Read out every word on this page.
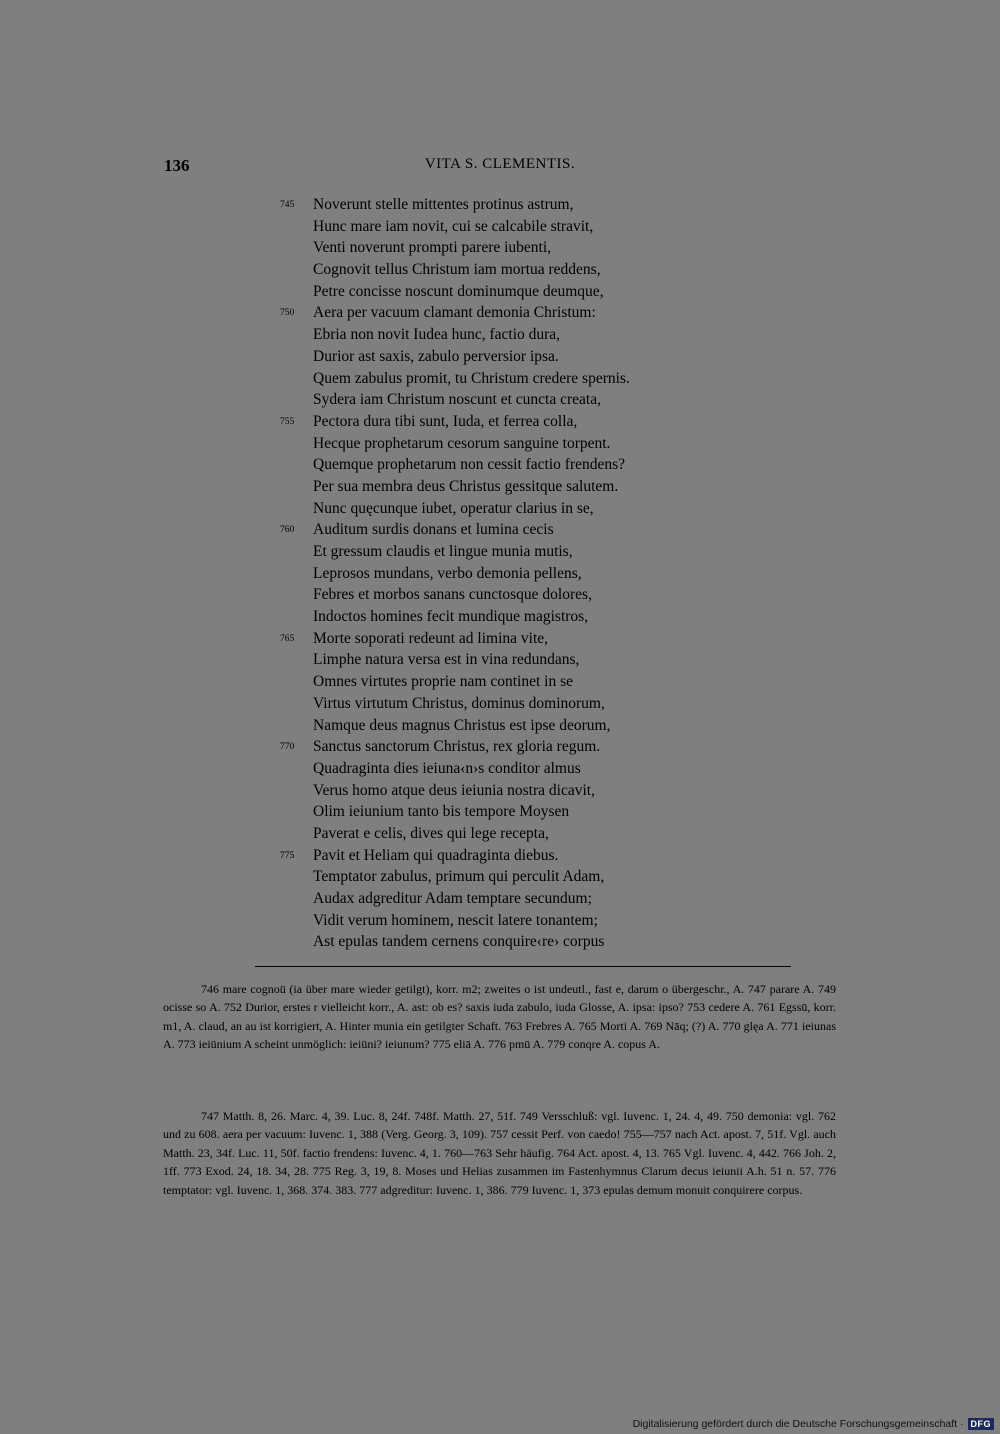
136	VITA S. CLEMENTIS.
745	Noverunt stelle mittentes protinus astrum,
Hunc mare iam novit, cui se calcabile stravit,
Venti noverunt prompti parere iubenti,
Cognovit tellus Christum iam mortua reddens,
Petre concisse noscunt dominumque deumque,
750	Aera per vacuum clamant demonia Christum:
Ebria non novit Iudea hunc, factio dura,
Durior ast saxis, zabulo perversior ipsa.
Quem zabulus promit, tu Christum credere spernis.
Sydera iam Christum noscunt et cuncta creata,
755	Pectora dura tibi sunt, Iuda, et ferrea colla,
Hecque prophetarum cesorum sanguine torpent.
Quemque prophetarum non cessit factio frendens?
Per sua membra deus Christus gessitque salutem.
Nunc quęcunque iubet, operatur clarius in se,
760	Auditum surdis donans et lumina cecis
Et gressum claudis et lingue munia mutis,
Leprosos mundans, verbo demonia pellens,
Febres et morbos sanans cunctosque dolores,
Indoctos homines fecit mundique magistros,
765	Morte soporati redeunt ad limina vite,
Limphe natura versa est in vina redundans,
Omnes virtutes proprie nam continet in se
Virtus virtutum Christus, dominus dominorum,
Namque deus magnus Christus est ipse deorum,
770	Sanctus sanctorum Christus, rex gloria regum.
Quadraginta dies ieiuna‹n›s conditor almus
Verus homo atque deus ieiunia nostra dicavit,
Olim ieiunium tanto bis tempore Moysen
Paverat e celis, dives qui lege recepta,
775	Pavit et Heliam qui quadraginta diebus.
Temptator zabulus, primum qui perculit Adam,
Audax adgreditur Adam temptare secundum;
Vidit verum hominem, nescit latere tonantem;
Ast epulas tandem cernens conquire‹re› corpus

746 mare cognoū (ia über mare wieder getilgt), korr. m2; zweites o ist undeutl., fast e, darum o übergeschr., A. 747 parare A. 749 ocisse so A. 752 Durior, erstes r vielleicht korr., A. ast: ob es? saxis iuda zabulo, iuda Glosse, A. ipsa: ipso? 753 cedere A. 761 Egssū, korr. m1, A. claud, an au ist korrigiert, A. Hinter munia ein getilgter Schaft. 763 Frebres A. 765 Morti A. 769 Nāq; (?) A. 770 glęa A. 771 ieiunas A. 773 ieiūnium A scheint unmöglich: ieiūni? ieiunum? 775 eliā A. 776 pmū A. 779 conqre A. copus A.

747 Matth. 8, 26. Marc. 4, 39. Luc. 8, 24f. 748f. Matth. 27, 51f. 749 Versschluß: vgl. Iuvenc. 1, 24. 4, 49. 750 demonia: vgl. 762 und zu 608. aera per vacuum: Iuvenc. 1, 388 (Verg. Georg. 3, 109). 757 cessit Perf. von caedo! 755—757 nach Act. apost. 7, 51f. Vgl. auch Matth. 23, 34f. Luc. 11, 50f. factio frendens: Iuvenc. 4, 1. 760—763 Sehr häufig. 764 Act. apost. 4, 13. 765 Vgl. Iuvenc. 4, 442. 766 Joh. 2, 1ff. 773 Exod. 24, 18. 34, 28. 775 Reg. 3, 19, 8. Moses und Helias zusammen im Fastenhymnus Clarum decus ieiunii A.h. 51 n. 57. 776 temptator: vgl. Iuvenc. 1, 368. 374. 383. 777 adgreditur: Iuvenc. 1, 386. 779 Iuvenc. 1, 373 epulas demum monuit conquirere corpus.

Digitalisierung gefördert durch die Deutsche Forschungsgemeinschaft · DFG
